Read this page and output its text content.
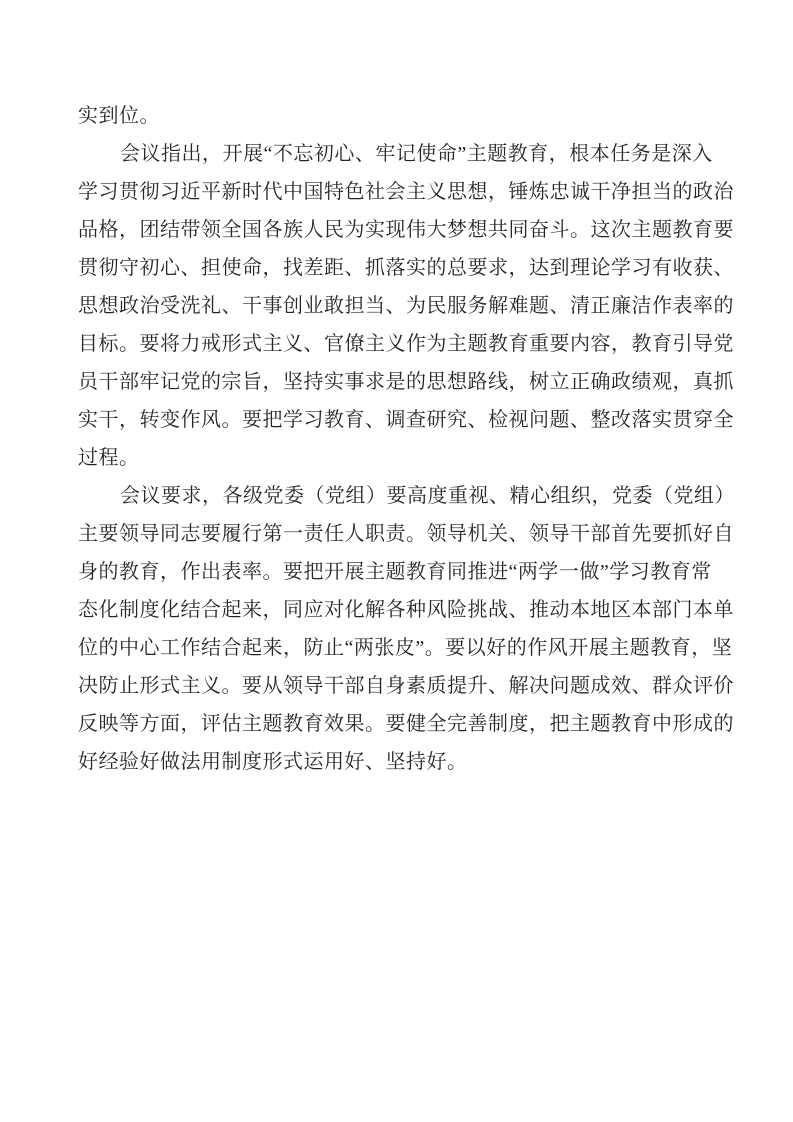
实到位。

会议指出，开展“不忘初心、牢记使命”主题教育，根本任务是深入
学习贯彻习近平新时代中国特色社会主义思想，锤炼忠诚干净担当的政治
品格，团结带领全国各族人民为实现伟大梦想共同奋斗。这次主题教育要
贯彻守初心、担使命，找差距、抓落实的总要求，达到理论学习有收获、
思想政治受洗礼、干事创业敢担当、为民服务解难题、清正廉洁作表率的
目标。要将力戒形式主义、官僚主义作为主题教育重要内容，教育引导党
员干部牢记党的宗旨，坚持实事求是的思想路线，树立正确政绩观，真抓
实干，转变作风。要把学习教育、调查研究、检视问题、整改落实贯穿全
过程。

会议要求，各级党委（党组）要高度重视、精心组织，党委（党组）
主要领导同志要履行第一责任人职责。领导机关、领导干部首先要抓好自
身的教育，作出表率。要把开展主题教育同推进“两学一做”学习教育常
态化制度化结合起来，同应对化解各种风险挑战、推动本地区本部门本单
位的中心工作结合起来，防止“两张皮”。要以好的作风开展主题教育，坚
决防止形式主义。要从领导干部自身素质提升、解决问题成效、群众评价
反映等方面，评估主题教育效果。要健全完善制度，把主题教育中形成的
好经验好做法用制度形式运用好、坚持好。
